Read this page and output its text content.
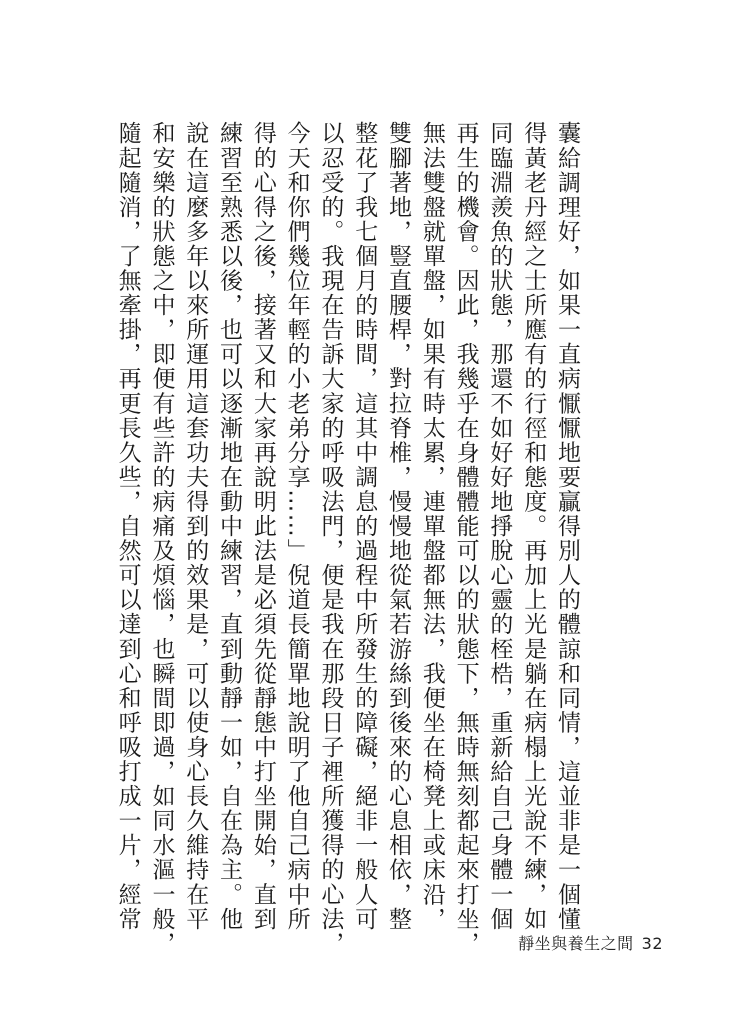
囊給調理好，如果一直病懨懨地要贏得別人的體諒和同情，這並非是一個懂
得黃老丹經之士所應有的行徑和態度。再加上光是躺在病榻上光說不練，如
同臨淵羨魚的狀態，那還不如好好地掙脫心靈的桎梏，重新給自己身體一個
再生的機會。因此，我幾乎在身體體能可以的狀態下，無時無刻都起來打坐，
無法雙盤就單盤，如果有時太累，連單盤都無法，我便坐在椅凳上或床沿，
雙腳著地，豎直腰桿，對拉脊椎，慢慢地從氣若游絲到後來的心息相依，整
整花了我七個月的時間，這其中調息的過程中所發生的障礙，絕非一般人可
以忍受的。我現在告訴大家的呼吸法門，便是我在那段日子裡所獲得的心法，
今天和你們幾位年輕的小老弟分享……」倪道長簡單地說明了他自己病中所
得的心得之後，接著又和大家再說明此法是必須先從靜態中打坐開始，直到
練習至熟悉以後，也可以逐漸地在動中練習，直到動靜一如，自在為主。他
說在這麼多年以來所運用這套功夫得到的效果是，可以使身心長久維持在平
和安樂的狀態之中，即便有些許的病痛及煩惱，也瞬間即過，如同水漚一般，
隨起隨消，了無牽掛，再更長久些，自然可以達到心和呼吸打成一片，經常
靜坐與養生之間 32
